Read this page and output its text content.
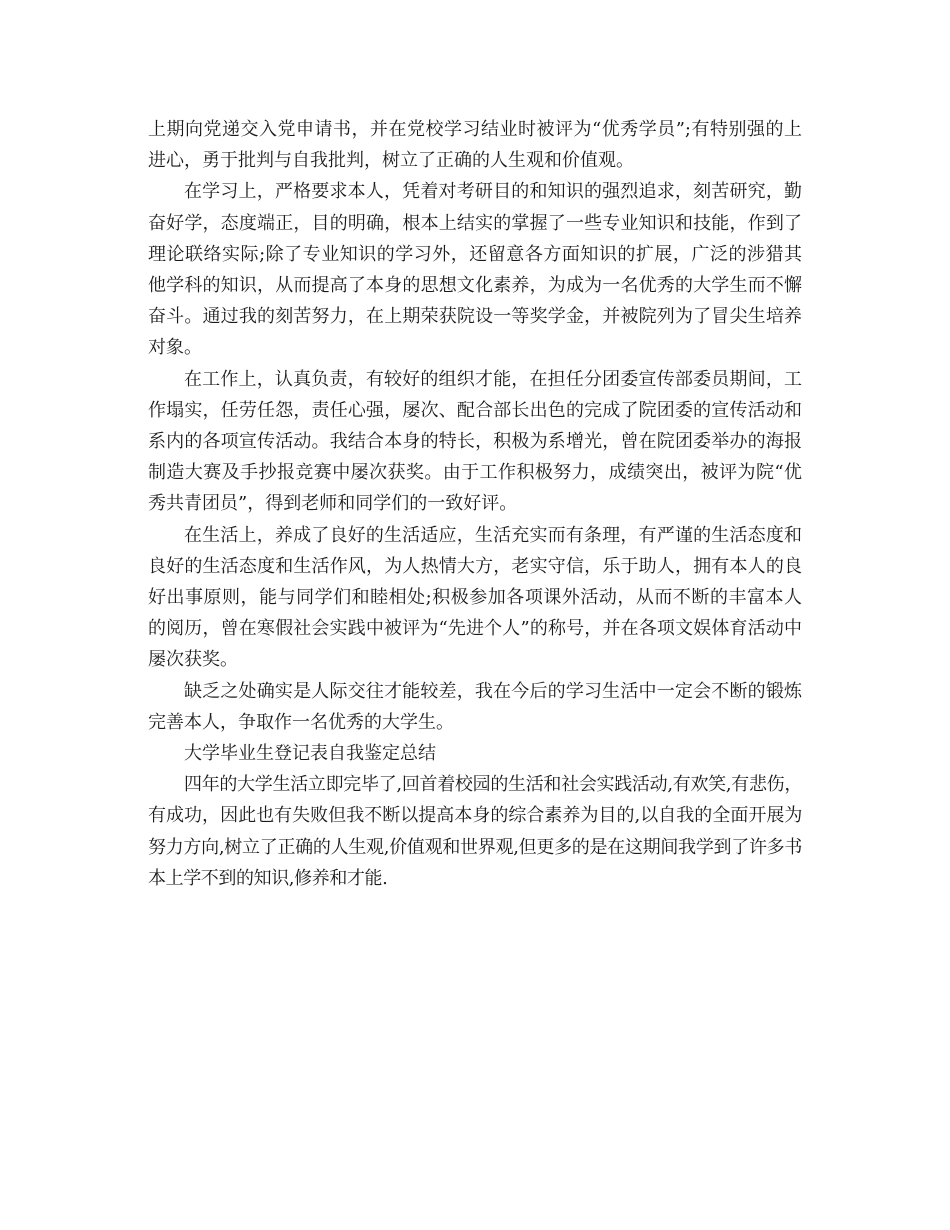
上期向党递交入党申请书，并在党校学习结业时被评为“优秀学员”;有特别强的上进心，勇于批判与自我批判，树立了正确的人生观和价值观。

在学习上，严格要求本人，凭着对考研目的和知识的强烈追求，刻苦研究，勤奋好学，态度端正，目的明确，根本上结实的掌握了一些专业知识和技能，作到了理论联络实际;除了专业知识的学习外，还留意各方面知识的扩展，广泛的涉猎其他学科的知识，从而提高了本身的思想文化素养，为成为一名优秀的大学生而不懈奋斗。通过我的刻苦努力，在上期荣获院设一等奖学金，并被院列为了冒尖生培养对象。

在工作上，认真负责，有较好的组织才能，在担任分团委宣传部委员期间，工作塌实，任劳任怨，责任心强，屡次、配合部长出色的完成了院团委的宣传活动和系内的各项宣传活动。我结合本身的特长，积极为系增光，曾在院团委举办的海报制造大赛及手抄报竞赛中屡次获奖。由于工作积极努力，成绩突出，被评为院“优秀共青团员”，得到老师和同学们的一致好评。

在生活上，养成了良好的生活适应，生活充实而有条理，有严谨的生活态度和良好的生活态度和生活作风，为人热情大方，老实守信，乐于助人，拥有本人的良好出事原则，能与同学们和睦相处;积极参加各项课外活动，从而不断的丰富本人的阅历，曾在寒假社会实践中被评为“先进个人”的称号，并在各项文娱体育活动中屡次获奖。

缺乏之处确实是人际交往才能较差，我在今后的学习生活中一定会不断的锻炼完善本人，争取作一名优秀的大学生。

大学毕业生登记表自我鉴定总结

四年的大学生活立即完毕了,回首着校园的生活和社会实践活动,有欢笑,有悲伤，有成功，因此也有失败但我不断以提高本身的综合素养为目的,以自我的全面开展为努力方向,树立了正确的人生观,价值观和世界观,但更多的是在这期间我学到了许多书本上学不到的知识,修养和才能.
